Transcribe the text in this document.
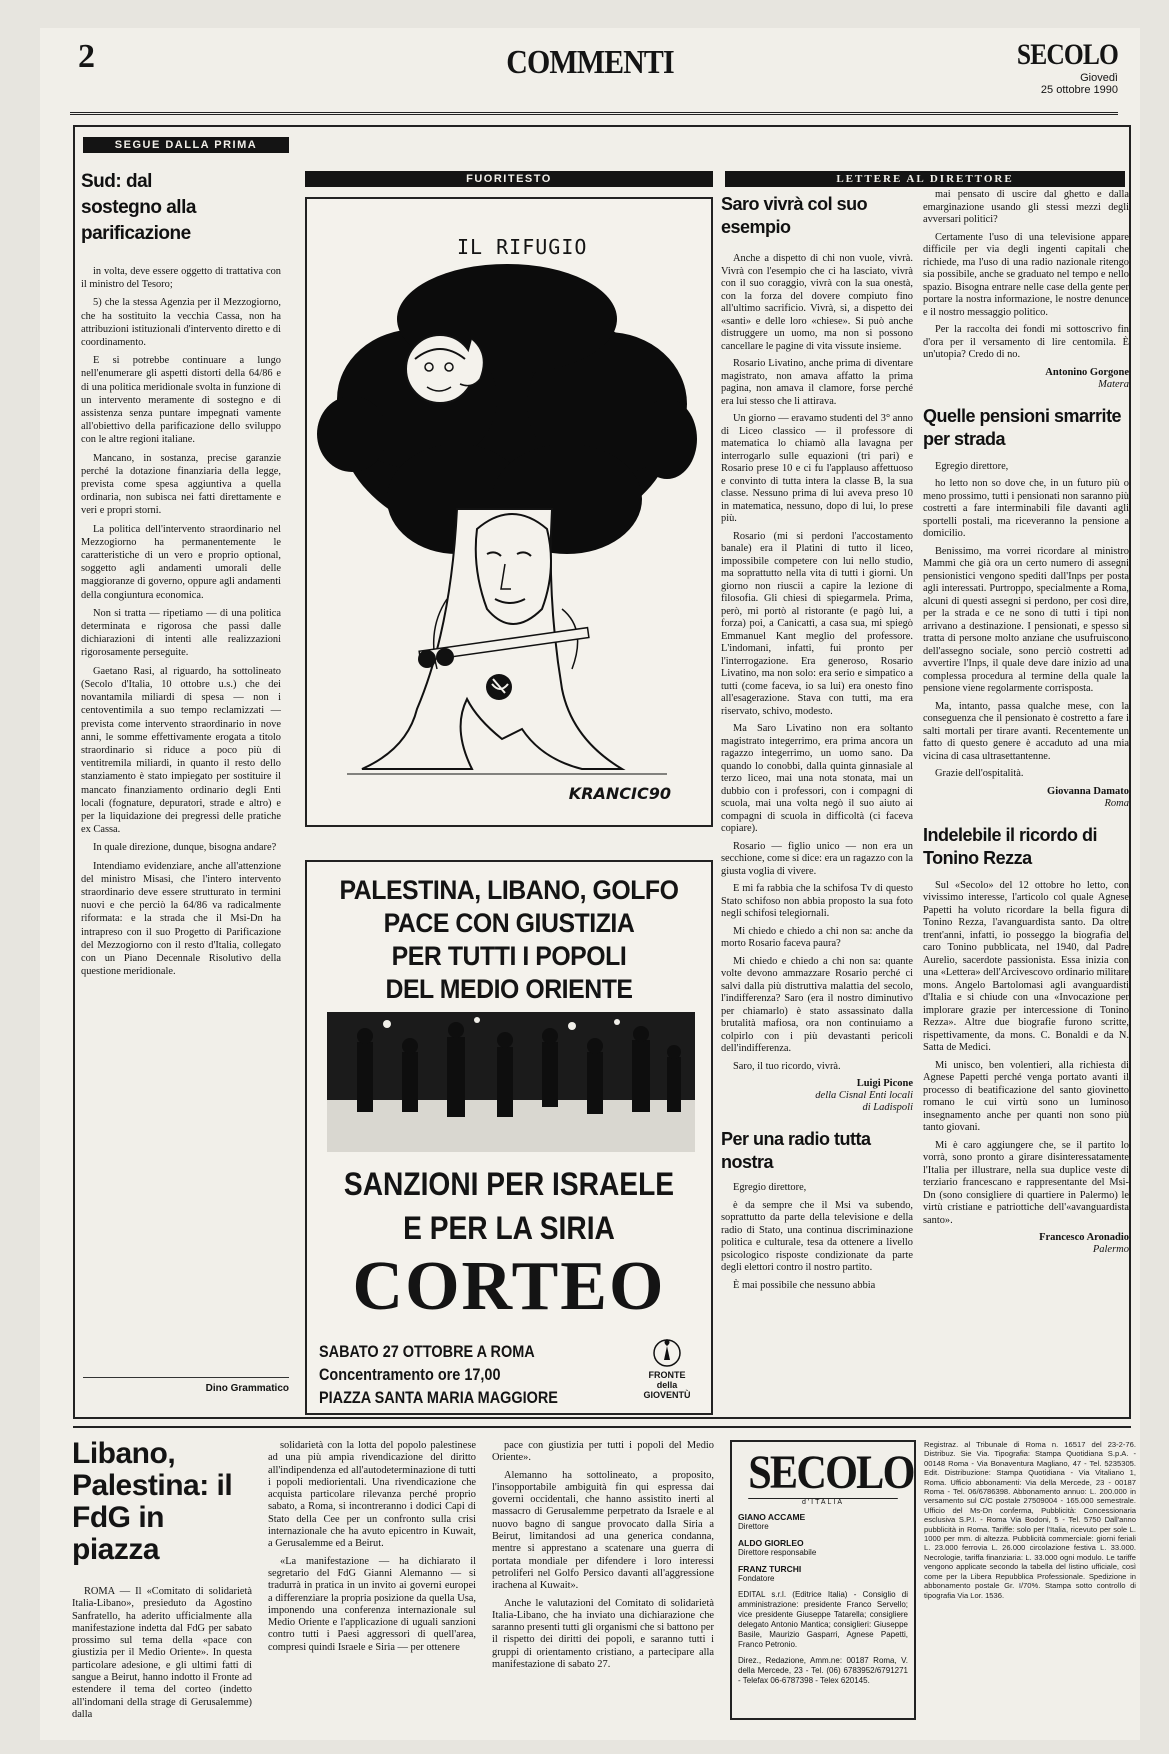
2	COMMENTI	SECOLO
Giovedì
25 ottobre 1990
SEGUE DALLA PRIMA
Sud: dal sostegno alla parificazione

in volta, deve essere oggetto di trattativa con il ministro del Tesoro;

5) che la stessa Agenzia per il Mezzogiorno, che ha sostituito la vecchia Cassa, non ha attribuzioni istituzionali d'intervento diretto e di coordinamento.

E si potrebbe continuare a lungo nell'enumerare gli aspetti distorti della 64/86 e di una politica meridionale svolta in funzione di un intervento meramente di sostegno e di assistenza senza puntare impegnati vamente all'obiettivo della parificazione dello sviluppo con le altre regioni italiane.

Mancano, in sostanza, precise garanzie perché la dotazione finanziaria della legge, prevista come spesa aggiuntiva a quella ordinaria, non subisca nei fatti direttamente e veri e propri storni.

La politica dell'intervento straordinario nel Mezzogiorno ha permanentemente le caratteristiche di un vero e proprio optional, soggetto agli andamenti umorali delle maggioranze di governo, oppure agli andamenti della congiuntura economica.

Non si tratta — ripetiamo — di una politica determinata e rigorosa che passi dalle dichiarazioni di intenti alle realizzazioni rigorosamente perseguite.

Gaetano Rasi, al riguardo, ha sottolineato (Secolo d'Italia, 10 ottobre u.s.) che dei novantamila miliardi di spesa — non i centoventimila a suo tempo reclamizzati — prevista come intervento straordinario in nove anni, le somme effettivamente erogata a titolo straordinario si riduce a poco più di ventitremila miliardi, in quanto il resto dello stanziamento è stato impiegato per sostituire il mancato finanziamento ordinario degli Enti locali (fognature, depuratori, strade e altro) e per la liquidazione dei pregressi delle pratiche ex Cassa.

In quale direzione, dunque, bisogna andare?

Intendiamo evidenziare, anche all'attenzione del ministro Misasi, che l'intero intervento straordinario deve essere strutturato in termini nuovi e che perciò la 64/86 va radicalmente riformata: e la strada che il Msi-Dn ha intrapreso con il suo Progetto di Parificazione del Mezzogiorno con il resto d'Italia, collegato con un Piano Decennale Risolutivo della questione meridionale.

Dino Grammatico
FUORITESTO
IL RIFUGIO
KRANCIC90
PALESTINA, LIBANO, GOLFO
PACE CON GIUSTIZIA
PER TUTTI I POPOLI
DEL MEDIO ORIENTE
SANZIONI PER ISRAELE
E PER LA SIRIA
CORTEO
SABATO 27 OTTOBRE A ROMA
Concentramento ore 17,00
PIAZZA SANTA MARIA MAGGIORE
FRONTE della GIOVENTÙ
LETTERE AL DIRETTORE
Saro vivrà col suo esempio

Anche a dispetto di chi non vuole, vivrà. Vivrà con l'esempio che ci ha lasciato, vivrà con il suo coraggio, vivrà con la sua onestà, con la forza del dovere compiuto fino all'ultimo sacrificio. Vivrà, si, a dispetto dei «santi» e delle loro «chiese». Si può anche distruggere un uomo, ma non si possono cancellare le pagine di vita vissute insieme.

Rosario Livatino, anche prima di diventare magistrato, non amava affatto la prima pagina, non amava il clamore, forse perché era lui stesso che li attirava.

Un giorno — eravamo studenti del 3° anno di Liceo classico — il professore di matematica lo chiamò alla lavagna per interrogarlo sulle equazioni (tri pari) e Rosario prese 10 e ci fu l'applauso affettuoso e convinto di tutta intera la classe B, la sua classe. Nessuno prima di lui aveva preso 10 in matematica, nessuno, dopo di lui, lo prese più.

Rosario (mi si perdoni l'accostamento banale) era il Platini di tutto il liceo, impossibile competere con lui nello studio, ma soprattutto nella vita di tutti i giorni. Un giorno non riuscii a capire la lezione di filosofia. Gli chiesi di spiegarmela. Prima, però, mi portò al ristorante (e pagò lui, a forza) poi, a Canicattì, a casa sua, mi spiegò Emmanuel Kant meglio del professore. L'indomani, infatti, fui pronto per l'interrogazione. Era generoso, Rosario Livatino, ma non solo: era serio e simpatico a tutti (come faceva, io sa lui) era onesto fino all'esagerazione. Stava con tutti, ma era riservato, schivo, modesto.

Ma Saro Livatino non era soltanto magistrato integerrimo, era prima ancora un ragazzo integerrimo, un uomo sano. Da quando lo conobbi, dalla quinta ginnasiale al terzo liceo, mai una nota stonata, mai un dubbio con i professori, con i compagni di scuola, mai una volta negò il suo aiuto ai compagni di scuola in difficoltà (ci faceva copiare).

Rosario — figlio unico — non era un secchione, come si dice: era un ragazzo con la giusta voglia di vivere.

E mi fa rabbia che la schifosa Tv di questo Stato schifoso non abbia proposto la sua foto negli schifosi telegiornali.

Mi chiedo e chiedo a chi non sa: anche da morto Rosario faceva paura?

Mi chiedo e chiedo a chi non sa: quante volte devono ammazzare Rosario perché ci salvi dalla più distruttiva malattia del secolo, l'indifferenza? Saro (era il nostro diminutivo per chiamarlo) è stato assassinato dalla brutalità mafiosa, ora non continuiamo a colpirlo con i più devastanti pericoli dell'indifferenza.

Saro, il tuo ricordo, vivrà.

Luigi Picone
della Cisnal Enti locali
di Ladispoli
Per una radio tutta nostra

Egregio direttore,

è da sempre che il Msi va subendo, soprattutto da parte della televisione e della radio di Stato, una continua discriminazione politica e culturale, tesa da ottenere a livello psicologico risposte condizionate da parte degli elettori contro il nostro partito.

È mai possibile che nessuno abbia

mai pensato di uscire dal ghetto e dalla emarginazione usando gli stessi mezzi degli avversari politici?

Certamente l'uso di una televisione appare difficile per via degli ingenti capitali che richiede, ma l'uso di una radio nazionale ritengo sia possibile, anche se graduato nel tempo e nello spazio. Bisogna entrare nelle case della gente per portare la nostra informazione, le nostre denunce e il nostro messaggio politico.

Per la raccolta dei fondi mi sottoscrivo fin d'ora per il versamento di lire centomila. È un'utopia? Credo di no.

Antonino Gorgone
Matera
Quelle pensioni smarrite per strada

Egregio direttore,

ho letto non so dove che, in un futuro più o meno prossimo, tutti i pensionati non saranno più costretti a fare interminabili file davanti agli sportelli postali, ma riceveranno la pensione a domicilio.

Benissimo, ma vorrei ricordare al ministro Mammì che già ora un certo numero di assegni pensionistici vengono spediti dall'Inps per posta agli interessati. Purtroppo, specialmente a Roma, alcuni di questi assegni si perdono, per così dire, per la strada e ce ne sono di tutti i tipi non arrivano a destinazione. I pensionati, e spesso si tratta di persone molto anziane che usufruiscono dell'assegno sociale, sono perciò costretti ad avvertire l'Inps, il quale deve dare inizio ad una complessa procedura al termine della quale la pensione viene regolarmente corrisposta.

Ma, intanto, passa qualche mese, con la conseguenza che il pensionato è costretto a fare i salti mortali per tirare avanti. Recentemente un fatto di questo genere è accaduto ad una mia vicina di casa ultrasettantenne.

Grazie dell'ospitalità.

Giovanna Damato
Roma
Indelebile il ricordo di Tonino Rezza

Sul «Secolo» del 12 ottobre ho letto, con vivissimo interesse, l'articolo col quale Agnese Papetti ha voluto ricordare la bella figura di Tonino Rezza, l'avanguardista santo. Da oltre trent'anni, infatti, io posseggo la biografia del caro Tonino pubblicata, nel 1940, dal Padre Aurelio, sacerdote passionista. Essa inizia con una «Lettera» dell'Arcivescovo ordinario militare mons. Angelo Bartolomasi agli avanguardisti d'Italia e si chiude con una «Invocazione per implorare grazie per intercessione di Tonino Rezza». Altre due biografie furono scritte, rispettivamente, da mons. C. Bonaldi e da N. Satta de Medici.

Mi unisco, ben volentieri, alla richiesta di Agnese Papetti perché venga portato avanti il processo di beatificazione del santo giovinetto romano le cui virtù sono un luminoso insegnamento anche per quanti non sono più tanto giovani.

Mi è caro aggiungere che, se il partito lo vorrà, sono pronto a girare disinteressatamente l'Italia per illustrare, nella sua duplice veste di terziario francescano e rappresentante del Msi-Dn (sono consigliere di quartiere in Palermo) le virtù cristiane e patriottiche dell'«avanguardista santo».

Francesco Aronadio
Palermo
Libano, Palestina: il FdG in piazza

ROMA — Il «Comitato di solidarietà Italia-Libano», presieduto da Agostino Sanfratello, ha aderito ufficialmente alla manifestazione indetta dal FdG per sabato prossimo sul tema della «pace con giustizia per il Medio Oriente». In questa particolare adesione, e gli ultimi fatti di sangue a Beirut, hanno indotto il Fronte ad estendere il tema del corteo (indetto all'indomani della strage di Gerusalemme) dalla

solidarietà con la lotta del popolo palestinese ad una più ampia rivendicazione del diritto all'indipendenza ed all'autodeterminazione di tutti i popoli mediorientali. Una rivendicazione che acquista particolare rilevanza perché proprio sabato, a Roma, si incontreranno i dodici Capi di Stato della Cee per un confronto sulla crisi internazionale che ha avuto epicentro in Kuwait, a Gerusalemme ed a Beirut.

«La manifestazione — ha dichiarato il segretario del FdG Gianni Alemanno — si tradurrà in pratica in un invito ai governi europei a differenziare la propria posizione da quella Usa, imponendo una conferenza internazionale sul Medio Oriente e l'applicazione di uguali sanzioni contro tutti i Paesi aggressori di quell'area, compresi quindi Israele e Siria — per ottenere

pace con giustizia per tutti i popoli del Medio Oriente».

Alemanno ha sottolineato, a proposito, l'insopportabile ambiguità fin qui espressa dai governi occidentali, che hanno assistito inerti al massacro di Gerusalemme perpetrato da Israele e al nuovo bagno di sangue provocato dalla Siria a Beirut, limitandosi ad una generica condanna, mentre si apprestano a scatenare una guerra di portata mondiale per difendere i loro interessi petroliferi nel Golfo Persico davanti all'aggressione irachena al Kuwait».

Anche le valutazioni del Comitato di solidarietà Italia-Libano, che ha inviato una dichiarazione che saranno presenti tutti gli organismi che si battono per il rispetto dei diritti dei popoli, e saranno tutti i gruppi di orientamento cristiano, a partecipare alla manifestazione di sabato 27.

SECOLO
d'ITALIA
GIANO ACCAME
Direttore
ALDO GIORLEO
Direttore responsabile
FRANZ TURCHI
Fondatore
EDITAL s.r.l. (Editrice Italia) - Consiglio di amministrazione: presidente Franco Servello; vice presidente Giuseppe Tatarella; consigliere delegato Antonio Mantica; consiglieri: Giuseppe Basile, Maurizio Gasparri, Agnese Papetti, Franco Petronio.
Direz., Redazione, Amm.ne: 00187 Roma, V. della Mercede, 23 - Tel. (06) 6783952/6791271 - Telefax 06-6787398 - Telex 620145.
Registraz. al Tribunale di Roma n. 16517 del 23-2-76. Distribuz. Sie Via. Tipografia: Stampa Quotidiana S.p.A. - 00148 Roma - Via Bonaventura Magliano, 47 - Tel. 5235305. Edit. Distribuzione: Stampa Quotidiana - Via Vitaliano 1, Roma. Ufficio abbonamenti: Via della Mercede, 23 - 00187 Roma - Tel. 06/6786398. Abbonamento annuo: L. 200.000 in versamento sul C/C postale 27509004 - 165.000 semestrale. Ufficio del Ms-Dn conferma, Pubblicità: Concessionaria esclusiva S.P.I. - Roma Via Bodoni, 5 - Tel. 5750 Dall'anno pubblicità in Roma. Tariffe: solo per l'Italia, ricevuto per sole L. 1000 per mm. di altezza. Pubblicità commerciale: giorni feriali L. 23.000 ferrovia L. 26.000 circolazione festiva L. 33.000. Necrologie, tariffa finanziaria: L. 33.000 ogni modulo. Le tariffe vengono applicate secondo la tabella del listino ufficiale, così come per la Libera Repubblica Professionale. Spedizione in abbonamento postale Gr. I/70%. Stampa sotto controllo di tipografia Via Lor. 1536.
